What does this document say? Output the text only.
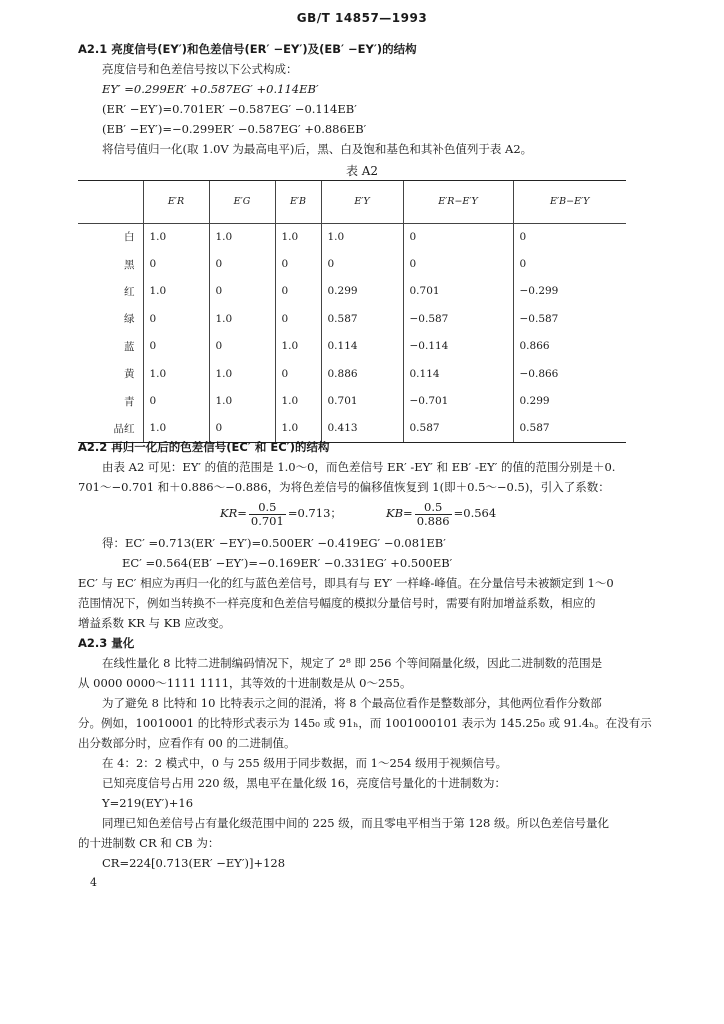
GB/T 14857—1993
A2.1 亮度信号(EY′)和色差信号(ER′ −EY′)及(EB′ −EY′)的结构
亮度信号和色差信号按以下公式构成：
EY′ =0.299ER′ +0.587EG′ +0.114EB′
(ER′ −EY′)=0.701ER′ −0.587EG′ −0.114EB′
(EB′ −EY′)=−0.299ER′ −0.587EG′ +0.886EB′
将信号值归一化(取 1.0V 为最高电平)后，黑、白及饱和基色和其补色值列于表 A2。
表 A2
	E′R	E′G	E′B	E′Y	E′R−E′Y	E′B−E′Y
白	1.0	1.0	1.0	1.0	0	0
黑	0	0	0	0	0	0
红	1.0	0	0	0.299	0.701	−0.299
绿	0	1.0	0	0.587	−0.587	−0.587
蓝	0	0	1.0	0.114	−0.114	0.866
黄	1.0	1.0	0	0.886	0.114	−0.866
青	0	1.0	1.0	0.701	−0.701	0.299
品红	1.0	0	1.0	0.413	0.587	0.587
A2.2 再归一化后的色差信号(EC′ 和 EC′)的结构
由表 A2 可见：EY′ 的值的范围是 1.0～0，而色差信号 ER′ -EY′ 和 EB′ -EY′ 的值的范围分别是＋0.
701～−0.701 和＋0.886～−0.886，为将色差信号的偏移值恢复到 1(即＋0.5～−0.5)，引入了系数：
$KR= \frac{0.5}{0.701} =0.713$；	$KB= \frac{0.5}{0.886} =0.564$
得：EC′ =0.713(ER′ −EY′)=0.500ER′ −0.419EG′ −0.081EB′
EC′ =0.564(EB′ −EY′)=−0.169ER′ −0.331EG′ +0.500EB′
EC′ 与 EC′ 相应为再归一化的红与蓝色差信号，即具有与 EY′ 一样峰-峰值。在分量信号未被额定到 1～0
范围情况下，例如当转换不一样亮度和色差信号幅度的模拟分量信号时，需要有附加增益系数，相应的
增益系数 KR 与 KB 应改变。
A2.3 量化
在线性量化 8 比特二进制编码情况下，规定了 2⁸ 即 256 个等间隔量化级，因此二进制数的范围是
从 0000 0000～1111 1111，其等效的十进制数是从 0～255。
为了避免 8 比特和 10 比特表示之间的混淆，将 8 个最高位看作是整数部分，其他两位看作分数部
分。例如，10010001 的比特形式表示为 145₀ 或 91ₕ，而 1001000101 表示为 145.25₀ 或 91.4ₕ。在没有示
出分数部分时，应看作有 00 的二进制值。
在 4：2：2 模式中，0 与 255 级用于同步数据，而 1～254 级用于视频信号。
已知亮度信号占用 220 级，黑电平在量化级 16，亮度信号量化的十进制数为：
Y=219(EY′)+16
同理已知色差信号占有量化级范围中间的 225 级，而且零电平相当于第 128 级。所以色差信号量化
的十进制数 CR 和 CB 为：
CR=224[0.713(ER′ −EY′)]+128
4
